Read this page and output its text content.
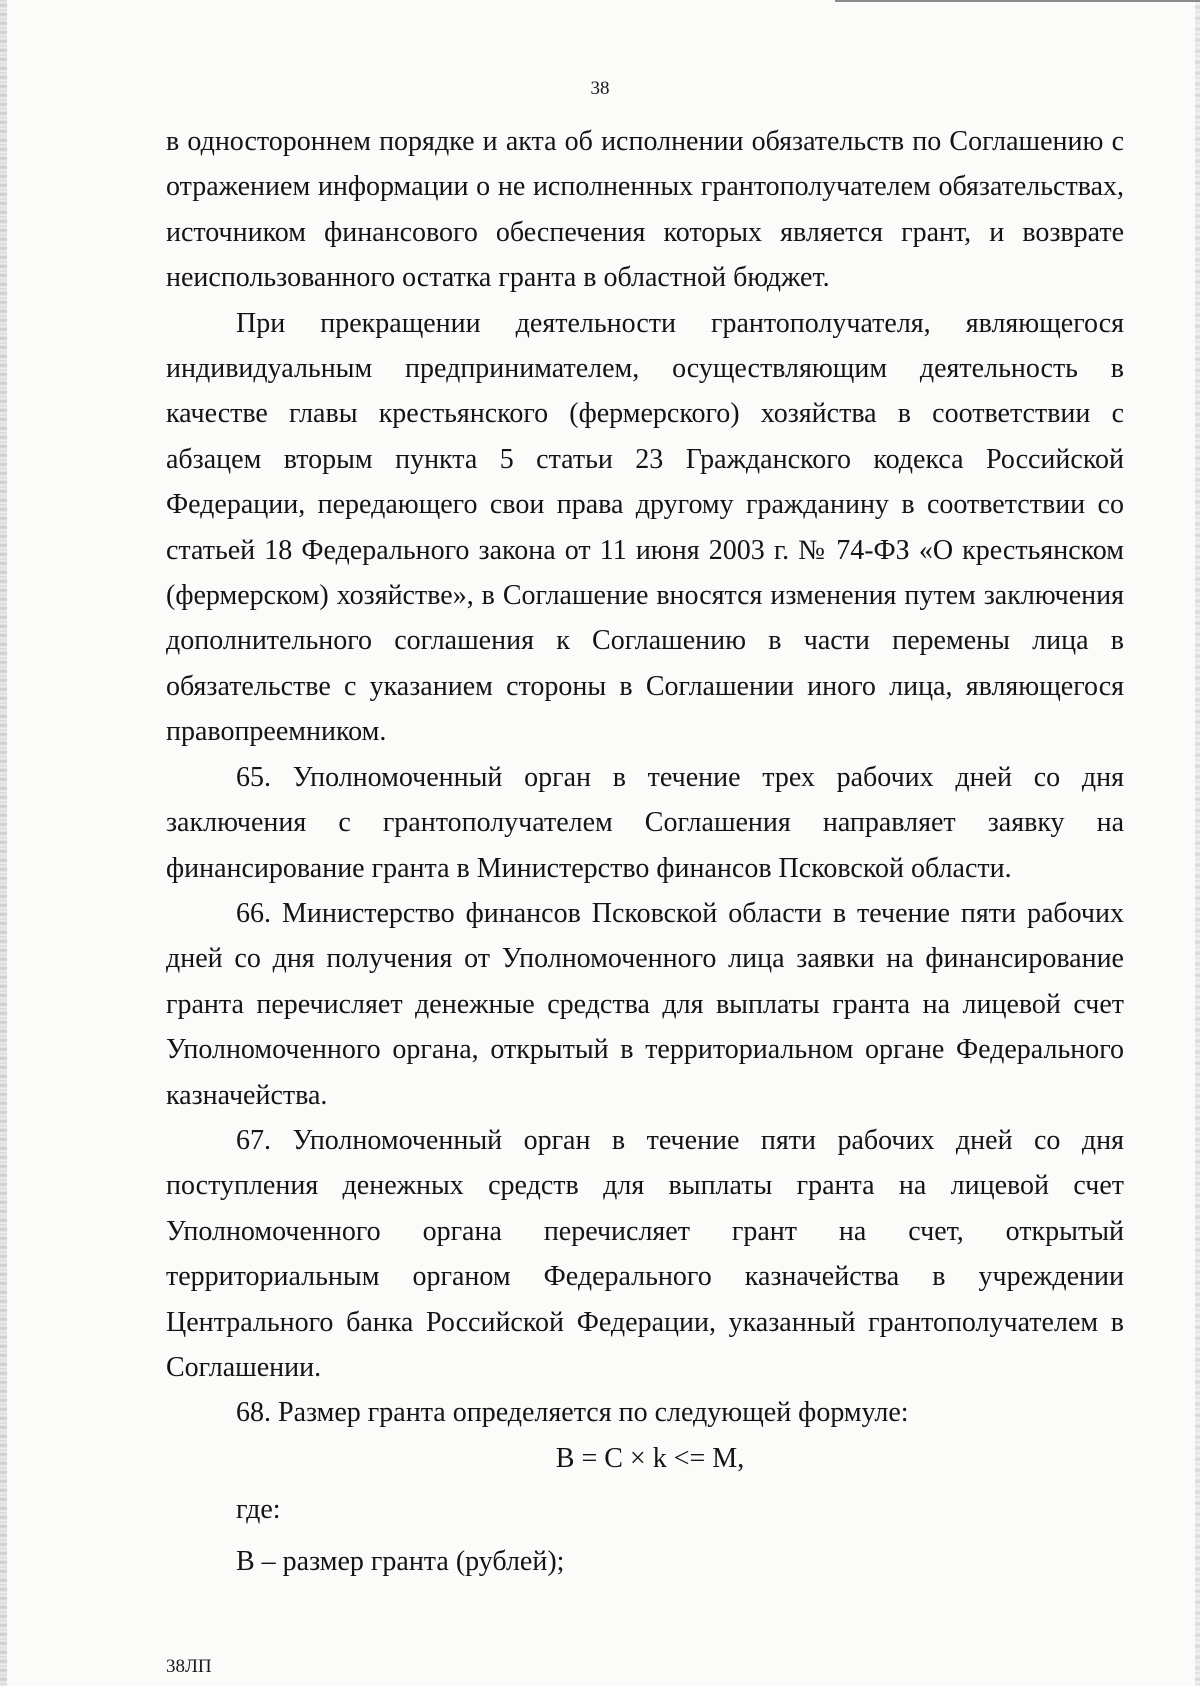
38

в одностороннем порядке и акта об исполнении обязательств по Соглашению с отражением информации о не исполненных грантополучателем обязательствах, источником финансового обеспечения которых является грант, и возврате неиспользованного остатка гранта в областной бюджет.

При прекращении деятельности грантополучателя, являющегося индивидуальным предпринимателем, осуществляющим деятельность в качестве главы крестьянского (фермерского) хозяйства в соответствии с абзацем вторым пункта 5 статьи 23 Гражданского кодекса Российской Федерации, передающего свои права другому гражданину в соответствии со статьей 18 Федерального закона от 11 июня 2003 г. № 74-ФЗ «О крестьянском (фермерском) хозяйстве», в Соглашение вносятся изменения путем заключения дополнительного соглашения к Соглашению в части перемены лица в обязательстве с указанием стороны в Соглашении иного лица, являющегося правопреемником.

65. Уполномоченный орган в течение трех рабочих дней со дня заключения с грантополучателем Соглашения направляет заявку на финансирование гранта в Министерство финансов Псковской области.

66. Министерство финансов Псковской области в течение пяти рабочих дней со дня получения от Уполномоченного лица заявки на финансирование гранта перечисляет денежные средства для выплаты гранта на лицевой счет Уполномоченного органа, открытый в территориальном органе Федерального казначейства.

67. Уполномоченный орган в течение пяти рабочих дней со дня поступления денежных средств для выплаты гранта на лицевой счет Уполномоченного органа перечисляет грант на счет, открытый территориальным органом Федерального казначейства в учреждении Центрального банка Российской Федерации, указанный грантополучателем в Соглашении.

68. Размер гранта определяется по следующей формуле:

В = С × k <= М,

где:

В – размер гранта (рублей);

38ЛП
